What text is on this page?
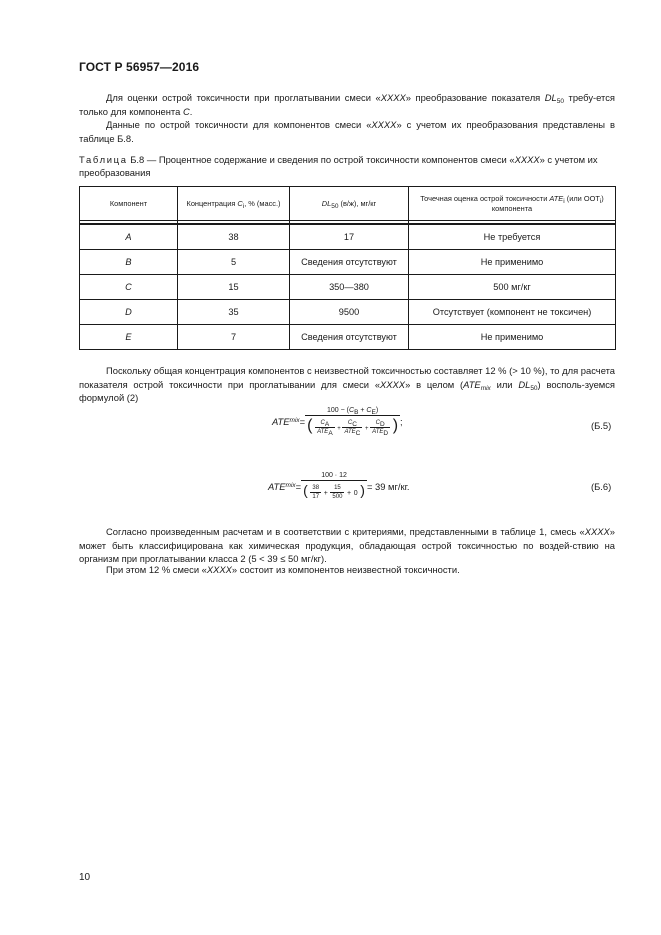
ГОСТ Р 56957—2016
Для оценки острой токсичности при проглатывании смеси «XXXX» преобразование показателя $DL_{50}$ требу-ется только для компонента С.
Данные по острой токсичности для компонентов смеси «XXXX» с учетом их преобразования представлены в таблице Б.8.
Таблица Б.8 — Процентное содержание и сведения по острой токсичности компонентов смеси «XXXX» с учетом их преобразования
Компонент	Концентрация $С_i$, % (масс.)	$DL_{50}$ (в/ж), мг/кг	Точечная оценка острой токсичности $ATE_i$ (или $ООТ_i$) компонента

A	38	17	Не требуется
B	5	Сведения отсутствуют	Не применимо
C	15	350—380	500 мг/кг
D	35	9500	Отсутствует (компонент не токсичен)
E	7	Сведения отсутствуют	Не применимо
Поскольку общая концентрация компонентов с неизвестной токсичностью составляет 12 % (> 10 %), то для расчета показателя острой токсичности при проглатывании для смеси «XXXX» в целом ($ATE_{mix}$ или $DL_{50}$) восполь-зуемся формулой (2)
ATE mix =
$100 - (C_B + C_E)$
( $\frac{C_A}{ATE_A} + \frac{C_C}{ATE_C} + \frac{C_D}{ATE_D}$ ) ;	(Б.5)
ATE mix =
100 · 12
( $\frac{38}{17} + \frac{15}{500} + 0$ ) = 39 мг/кг.	(Б.6)
Согласно произведенным расчетам и в соответствии с критериями, представленными в таблице 1, смесь «XXXX» может быть классифицирована как химическая продукция, обладающая острой токсичностью по воздей-ствию на организм при проглатывании класса 2 (5 < 39 ≤ 50 мг/кг).
При этом 12 % смеси «XXXX» состоит из компонентов неизвестной токсичности.
10
